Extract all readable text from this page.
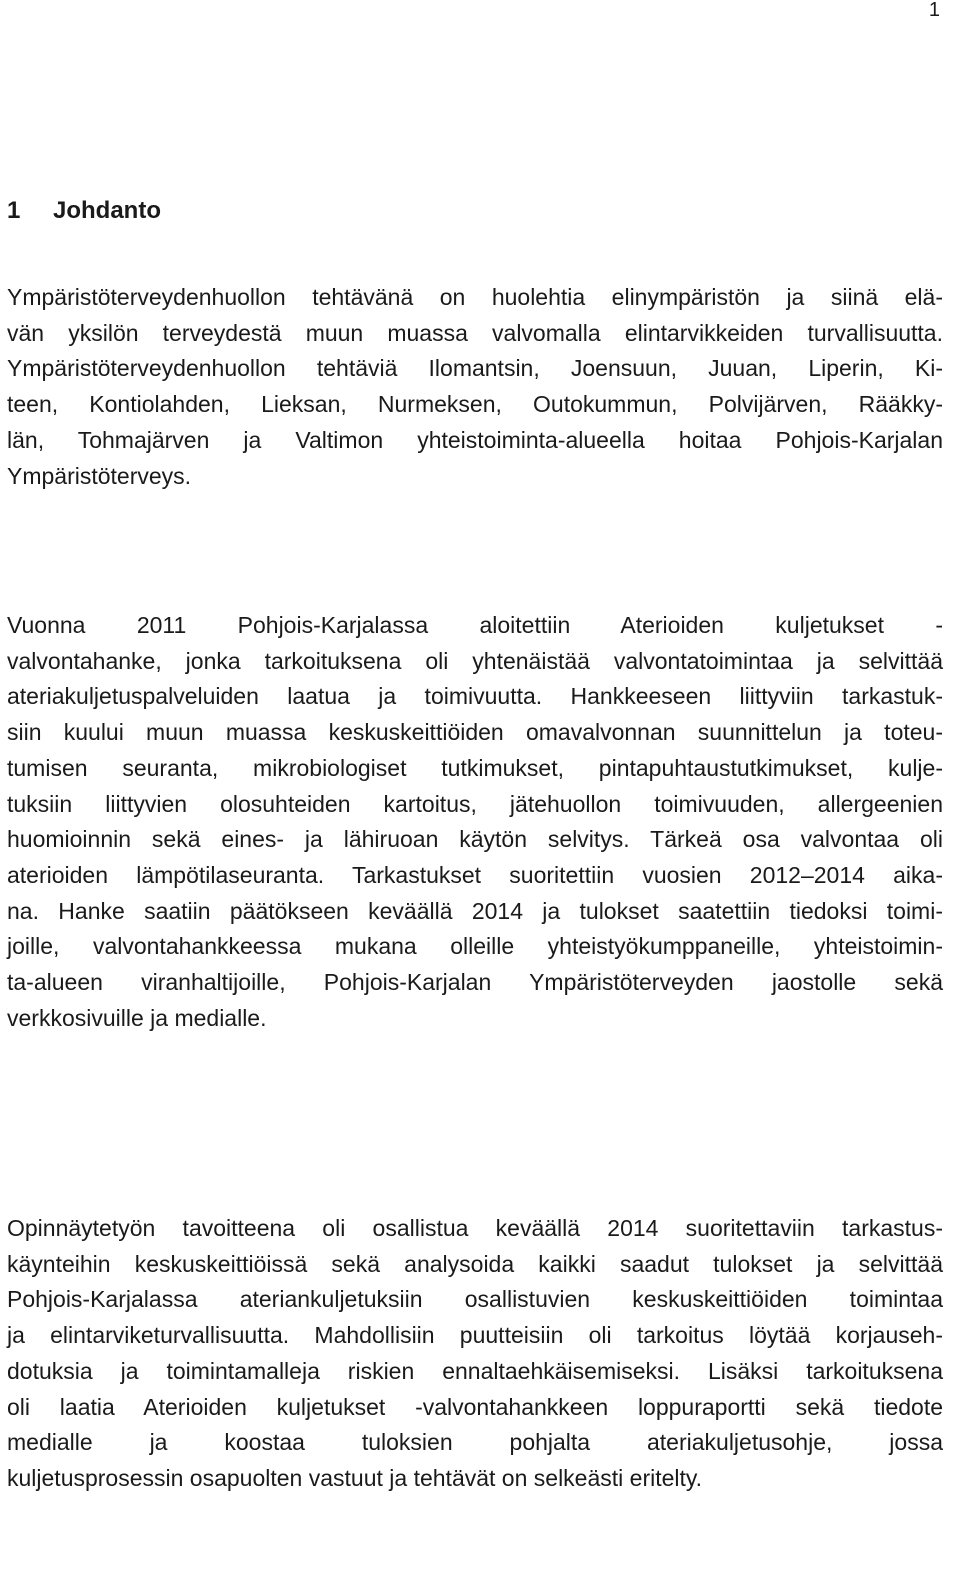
1
1 Johdanto
Ympäristöterveydenhuollon tehtävänä on huolehtia elinympäristön ja siinä elä-
vän yksilön terveydestä muun muassa valvomalla elintarvikkeiden turvallisuutta.
Ympäristöterveydenhuollon tehtäviä Ilomantsin, Joensuun, Juuan, Liperin, Ki-
teen, Kontiolahden, Lieksan, Nurmeksen, Outokummun, Polvijärven, Rääkky-
län, Tohmajärven ja Valtimon yhteistoiminta-alueella hoitaa Pohjois-Karjalan
Ympäristöterveys.
Vuonna 2011 Pohjois-Karjalassa aloitettiin Aterioiden kuljetukset -
valvontahanke, jonka tarkoituksena oli yhtenäistää valvontatoimintaa ja selvittää
ateriakuljetuspalveluiden laatua ja toimivuutta. Hankkeeseen liittyviin tarkastuk-
siin kuului muun muassa keskuskeittiöiden omavalvonnan suunnittelun ja toteu-
tumisen seuranta, mikrobiologiset tutkimukset, pintapuhtaustutkimukset, kulje-
tuksiin liittyvien olosuhteiden kartoitus, jätehuollon toimivuuden, allergeenien
huomioinnin sekä eines- ja lähiruoan käytön selvitys. Tärkeä osa valvontaa oli
aterioiden lämpötilaseuranta. Tarkastukset suoritettiin vuosien 2012–2014 aika-
na. Hanke saatiin päätökseen keväällä 2014 ja tulokset saatettiin tiedoksi toimi-
joille, valvontahankkeessa mukana olleille yhteistyökumppaneille, yhteistoimin-
ta-alueen viranhaltijoille, Pohjois-Karjalan Ympäristöterveyden jaostolle sekä
verkkosivuille ja medialle.
Opinnäytetyön tavoitteena oli osallistua keväällä 2014 suoritettaviin tarkastus-
käynteihin keskuskeittiöissä sekä analysoida kaikki saadut tulokset ja selvittää
Pohjois-Karjalassa ateriankuljetuksiin osallistuvien keskuskeittiöiden toimintaa
ja elintarviketurvallisuutta. Mahdollisiin puutteisiin oli tarkoitus löytää korjauseh-
dotuksia ja toimintamalleja riskien ennaltaehkäisemiseksi. Lisäksi tarkoituksena
oli laatia Aterioiden kuljetukset -valvontahankkeen loppuraportti sekä tiedote
medialle ja koostaa tuloksien pohjalta ateriakuljetusohje, jossa
kuljetusprosessin osapuolten vastuut ja tehtävät on selkeästi eritelty.
